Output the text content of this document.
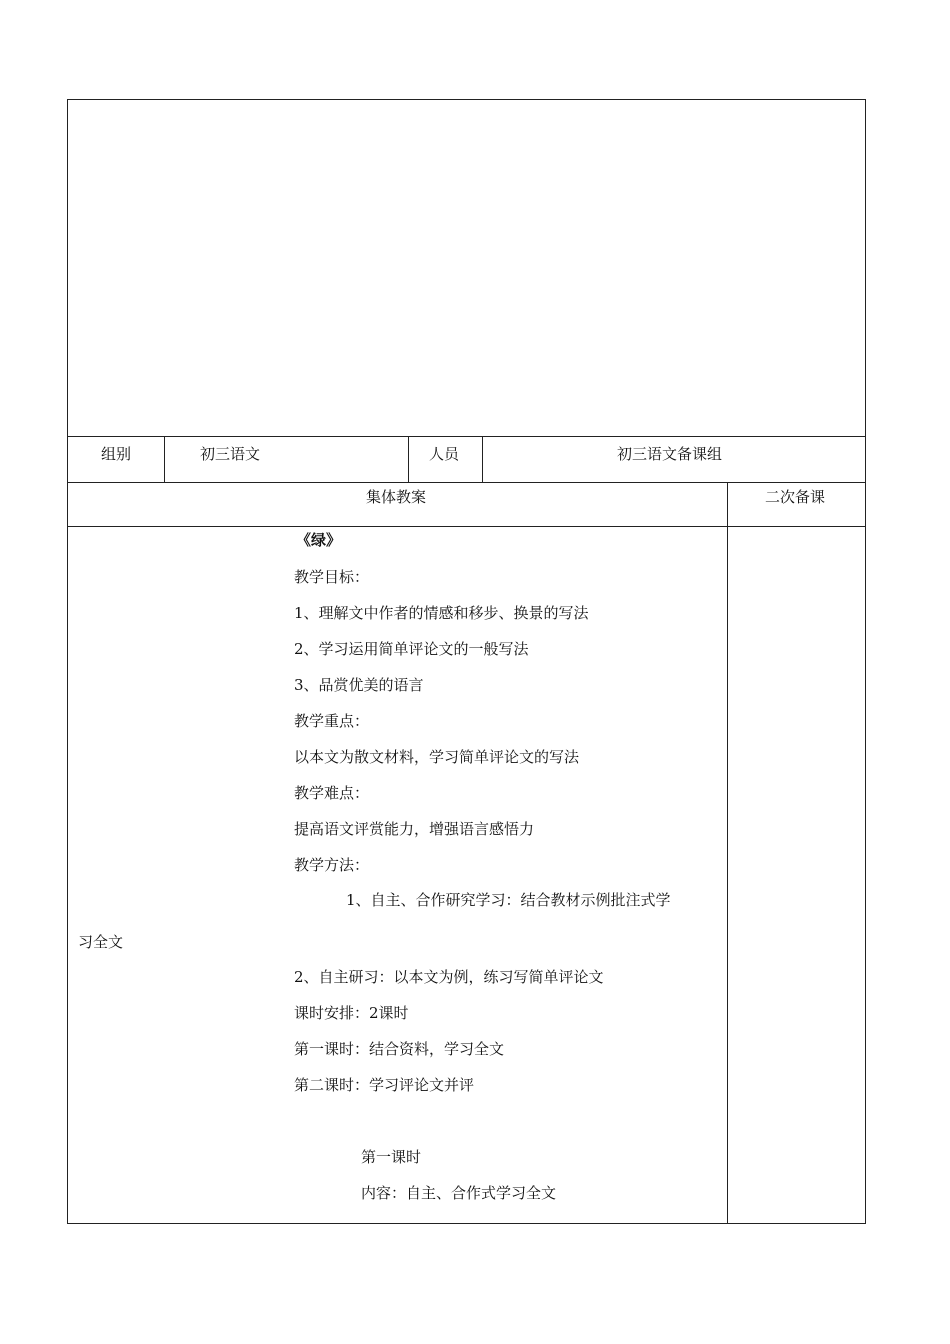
组别	初三语文	人员	初三语文备课组
集体教案	二次备课
《绿》
教学目标：
1、理解文中作者的情感和移步、换景的写法
2、学习运用简单评论文的一般写法
3、品赏优美的语言
教学重点：
以本文为散文材料，学习简单评论文的写法
教学难点：
提高语文评赏能力，增强语言感悟力
教学方法：
1、自主、合作研究学习：结合教材示例批注式学
习全文
2、自主研习：以本文为例，练习写简单评论文
课时安排：2课时
第一课时：结合资料，学习全文
第二课时：学习评论文并评
第一课时
内容：自主、合作式学习全文
